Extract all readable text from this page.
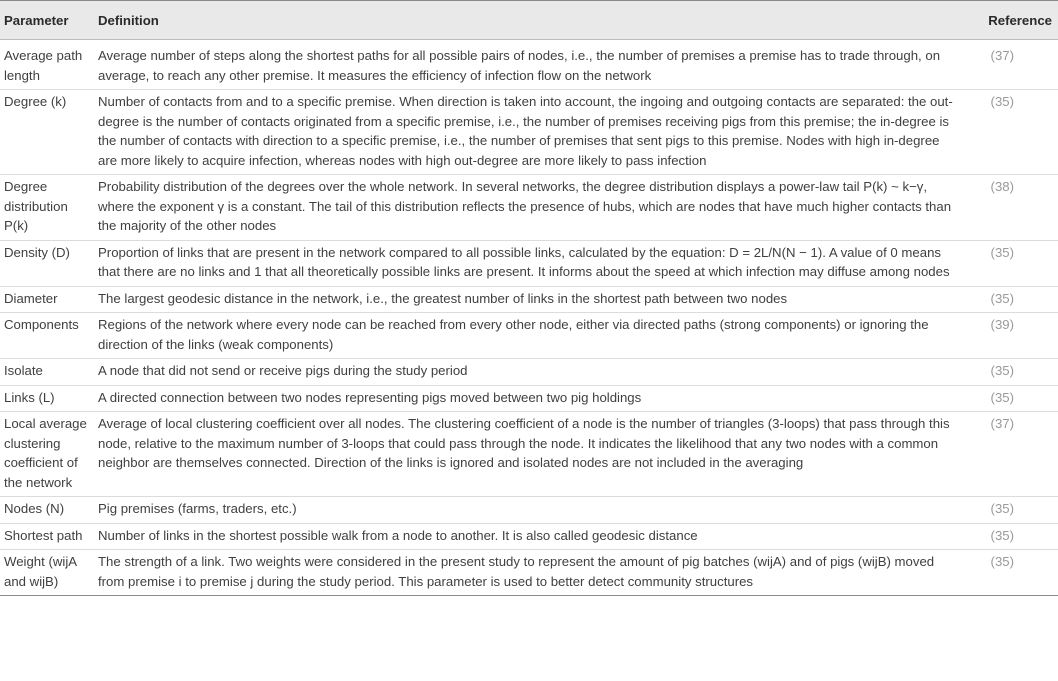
Parameter	Definition	Reference
Average path length	Average number of steps along the shortest paths for all possible pairs of nodes, i.e., the number of premises a premise has to trade through, on average, to reach any other premise. It measures the efficiency of infection flow on the network	(37)
Degree (k)	Number of contacts from and to a specific premise. When direction is taken into account, the ingoing and outgoing contacts are separated: the out-degree is the number of contacts originated from a specific premise, i.e., the number of premises receiving pigs from this premise; the in-degree is the number of contacts with direction to a specific premise, i.e., the number of premises that sent pigs to this premise. Nodes with high in-degree are more likely to acquire infection, whereas nodes with high out-degree are more likely to pass infection	(35)
Degree distribution P(k)	Probability distribution of the degrees over the whole network. In several networks, the degree distribution displays a power-law tail P(k) ~ k−γ, where the exponent γ is a constant. The tail of this distribution reflects the presence of hubs, which are nodes that have much higher contacts than the majority of the other nodes	(38)
Density (D)	Proportion of links that are present in the network compared to all possible links, calculated by the equation: D = 2L/N(N − 1). A value of 0 means that there are no links and 1 that all theoretically possible links are present. It informs about the speed at which infection may diffuse among nodes	(35)
Diameter	The largest geodesic distance in the network, i.e., the greatest number of links in the shortest path between two nodes	(35)
Components	Regions of the network where every node can be reached from every other node, either via directed paths (strong components) or ignoring the direction of the links (weak components)	(39)
Isolate	A node that did not send or receive pigs during the study period	(35)
Links (L)	A directed connection between two nodes representing pigs moved between two pig holdings	(35)
Local average clustering coefficient of the network	Average of local clustering coefficient over all nodes. The clustering coefficient of a node is the number of triangles (3-loops) that pass through this node, relative to the maximum number of 3-loops that could pass through the node. It indicates the likelihood that any two nodes with a common neighbor are themselves connected. Direction of the links is ignored and isolated nodes are not included in the averaging	(37)
Nodes (N)	Pig premises (farms, traders, etc.)	(35)
Shortest path	Number of links in the shortest possible walk from a node to another. It is also called geodesic distance	(35)
Weight (wijA and wijB)	The strength of a link. Two weights were considered in the present study to represent the amount of pig batches (wijA) and of pigs (wijB) moved from premise i to premise j during the study period. This parameter is used to better detect community structures	(35)
